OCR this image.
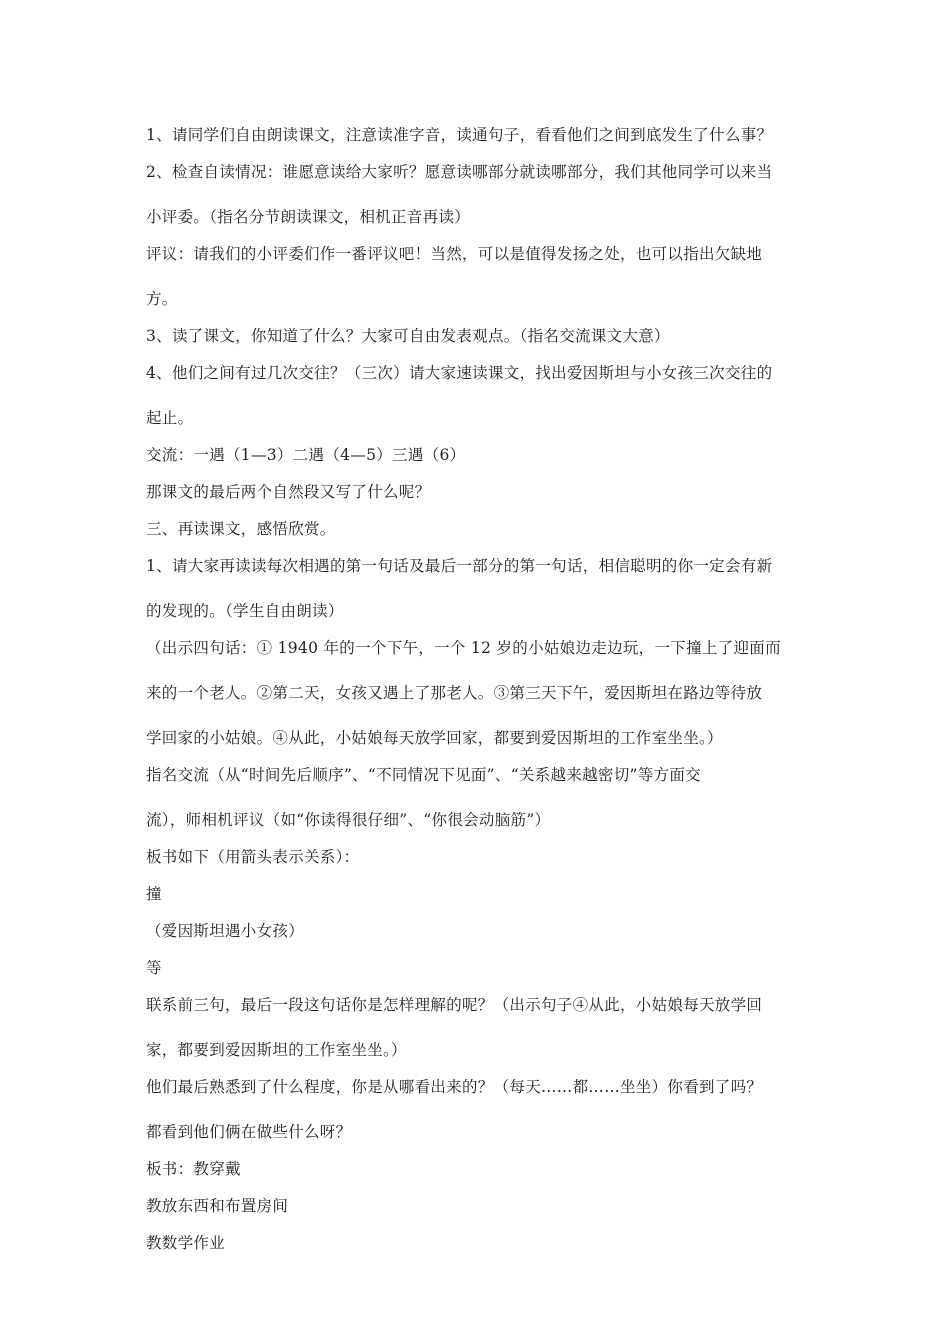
1、请同学们自由朗读课文，注意读准字音，读通句子，看看他们之间到底发生了什么事？
2、检查自读情况：谁愿意读给大家听？愿意读哪部分就读哪部分，我们其他同学可以来当
小评委。（指名分节朗读课文，相机正音再读）
评议：请我们的小评委们作一番评议吧！当然，可以是值得发扬之处，也可以指出欠缺地
方。
3、读了课文，你知道了什么？大家可自由发表观点。（指名交流课文大意）
4、他们之间有过几次交往？（三次）请大家速读课文，找出爱因斯坦与小女孩三次交往的
起止。
交流：一遇（1—3）二遇（4—5）三遇（6）
那课文的最后两个自然段又写了什么呢？
三、再读课文，感悟欣赏。
1、请大家再读读每次相遇的第一句话及最后一部分的第一句话，相信聪明的你一定会有新
的发现的。（学生自由朗读）
（出示四句话：① 1940 年的一个下午，一个 12 岁的小姑娘边走边玩，一下撞上了迎面而
来的一个老人。②第二天，女孩又遇上了那老人。③第三天下午，爱因斯坦在路边等待放
学回家的小姑娘。④从此，小姑娘每天放学回家，都要到爱因斯坦的工作室坐坐。）
指名交流（从“时间先后顺序”、“不同情况下见面”、“关系越来越密切”等方面交
流），师相机评议（如“你读得很仔细”、“你很会动脑筋”）
板书如下（用箭头表示关系）：
撞
（爱因斯坦遇小女孩）
等
联系前三句，最后一段这句话你是怎样理解的呢？（出示句子④从此，小姑娘每天放学回
家，都要到爱因斯坦的工作室坐坐。）
他们最后熟悉到了什么程度，你是从哪看出来的？（每天……都……坐坐）你看到了吗？
都看到他们俩在做些什么呀？
板书：教穿戴
教放东西和布置房间
教数学作业
